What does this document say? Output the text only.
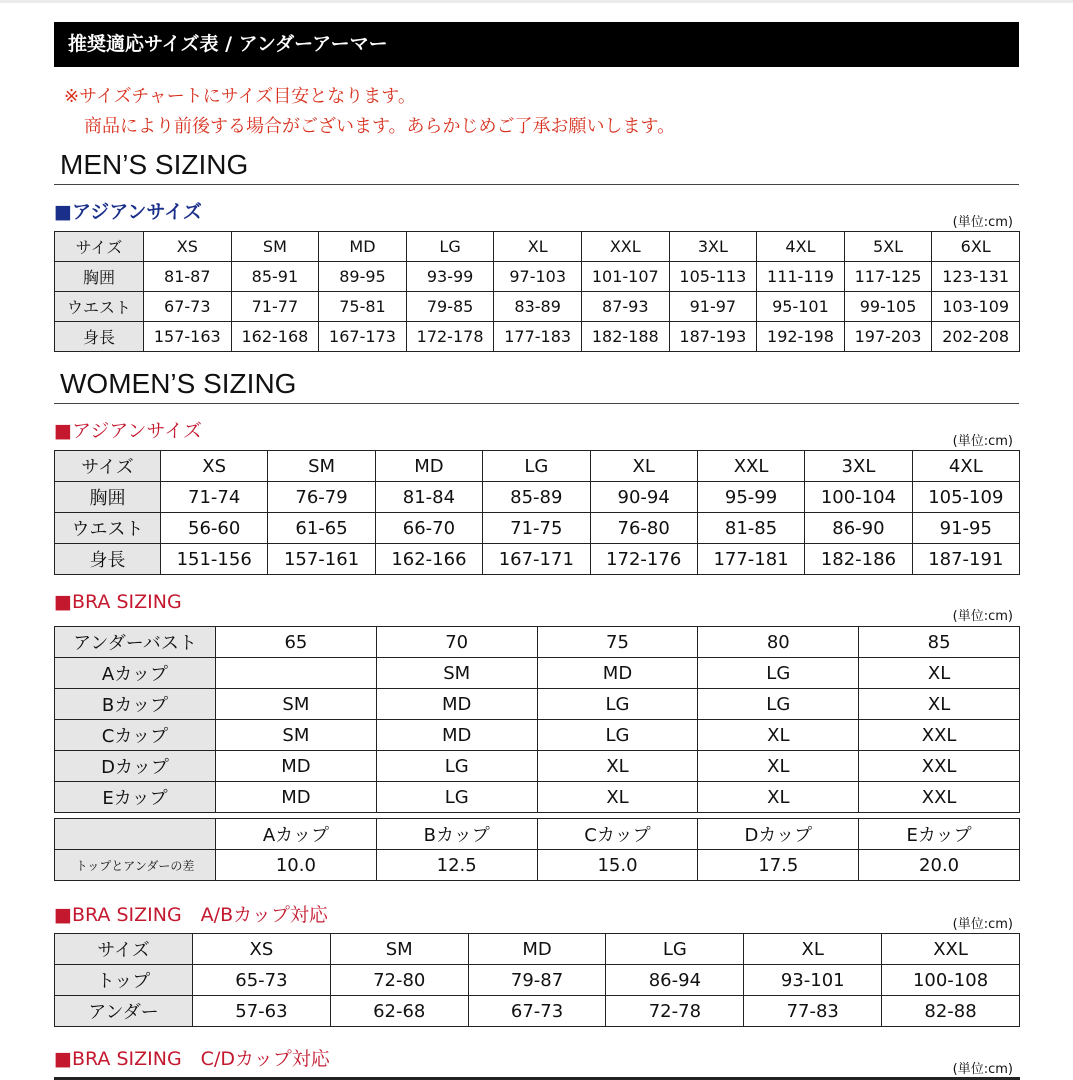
推奨適応サイズ表 / アンダーアーマー
※サイズチャートにサイズ目安となります。
商品により前後する場合がございます。あらかじめご了承お願いします。
MEN’S SIZING
■アジアンサイズ	(単位:cm)
サイズ	XS	SM	MD	LG	XL	XXL	3XL	4XL	5XL	6XL
胸囲	81-87	85-91	89-95	93-99	97-103	101-107	105-113	111-119	117-125	123-131
ウエスト	67-73	71-77	75-81	79-85	83-89	87-93	91-97	95-101	99-105	103-109
身長	157-163	162-168	167-173	172-178	177-183	182-188	187-193	192-198	197-203	202-208
WOMEN’S SIZING
■アジアンサイズ	(単位:cm)
サイズ	XS	SM	MD	LG	XL	XXL	3XL	4XL
胸囲	71-74	76-79	81-84	85-89	90-94	95-99	100-104	105-109
ウエスト	56-60	61-65	66-70	71-75	76-80	81-85	86-90	91-95
身長	151-156	157-161	162-166	167-171	172-176	177-181	182-186	187-191
■BRA SIZING
(単位:cm)
アンダーバスト	65	70	75	80	85
Aカップ		SM	MD	LG	XL
Bカップ	SM	MD	LG	LG	XL
Cカップ	SM	MD	LG	XL	XXL
Dカップ	MD	LG	XL	XL	XXL
Eカップ	MD	LG	XL	XL	XXL
	Aカップ	Bカップ	Cカップ	Dカップ	Eカップ
トップとアンダーの差	10.0	12.5	15.0	17.5	20.0
■BRA SIZING　A/Bカップ対応	(単位:cm)
サイズ	XS	SM	MD	LG	XL	XXL
トップ	65-73	72-80	79-87	86-94	93-101	100-108
アンダー	57-63	62-68	67-73	72-78	77-83	82-88
■BRA SIZING　C/Dカップ対応	(単位:cm)
